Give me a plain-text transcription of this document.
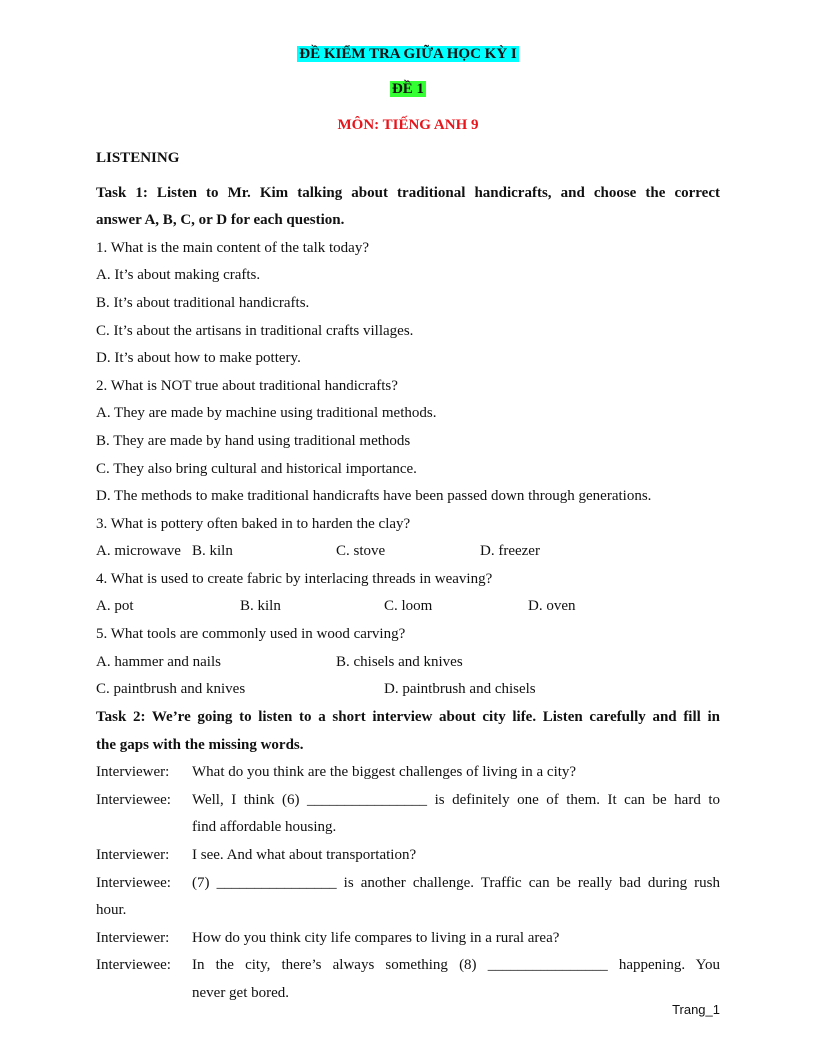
ĐỀ KIỂM TRA GIỮA HỌC KỲ I
ĐỀ 1
MÔN: TIẾNG ANH 9
LISTENING
Task 1: Listen to Mr. Kim talking about traditional handicrafts, and choose the correct
answer A, B, C, or D for each question.
1. What is the main content of the talk today?
A. It’s about making crafts.
B. It’s about traditional handicrafts.
C. It’s about the artisans in traditional crafts villages.
D. It’s about how to make pottery.
2. What is NOT true about traditional handicrafts?
A. They are made by machine using traditional methods.
B. They are made by hand using traditional methods
C. They also bring cultural and historical importance.
D. The methods to make traditional handicrafts have been passed down through generations.
3. What is pottery often baked in to harden the clay?
A. microwave B. kiln	C. stove	D. freezer
4. What is used to create fabric by interlacing threads in weaving?
A. pot	B. kiln	C. loom	D. oven
5. What tools are commonly used in wood carving?
A. hammer and nails	B. chisels and knives
C. paintbrush and knives	D. paintbrush and chisels
Task 2: We’re going to listen to a short interview about city life. Listen carefully and fill in
the gaps with the missing words.
Interviewer: What do you think are the biggest challenges of living in a city?
Interviewee: Well, I think (6) ________________ is definitely one of them. It can be hard to
find affordable housing.
Interviewer: I see. And what about transportation?
Interviewee: (7) ________________ is another challenge. Traffic can be really bad during rush
hour.
Interviewer: How do you think city life compares to living in a rural area?
Interviewee: In the city, there’s always something (8) ________________ happening. You
never get bored.
Trang_1
